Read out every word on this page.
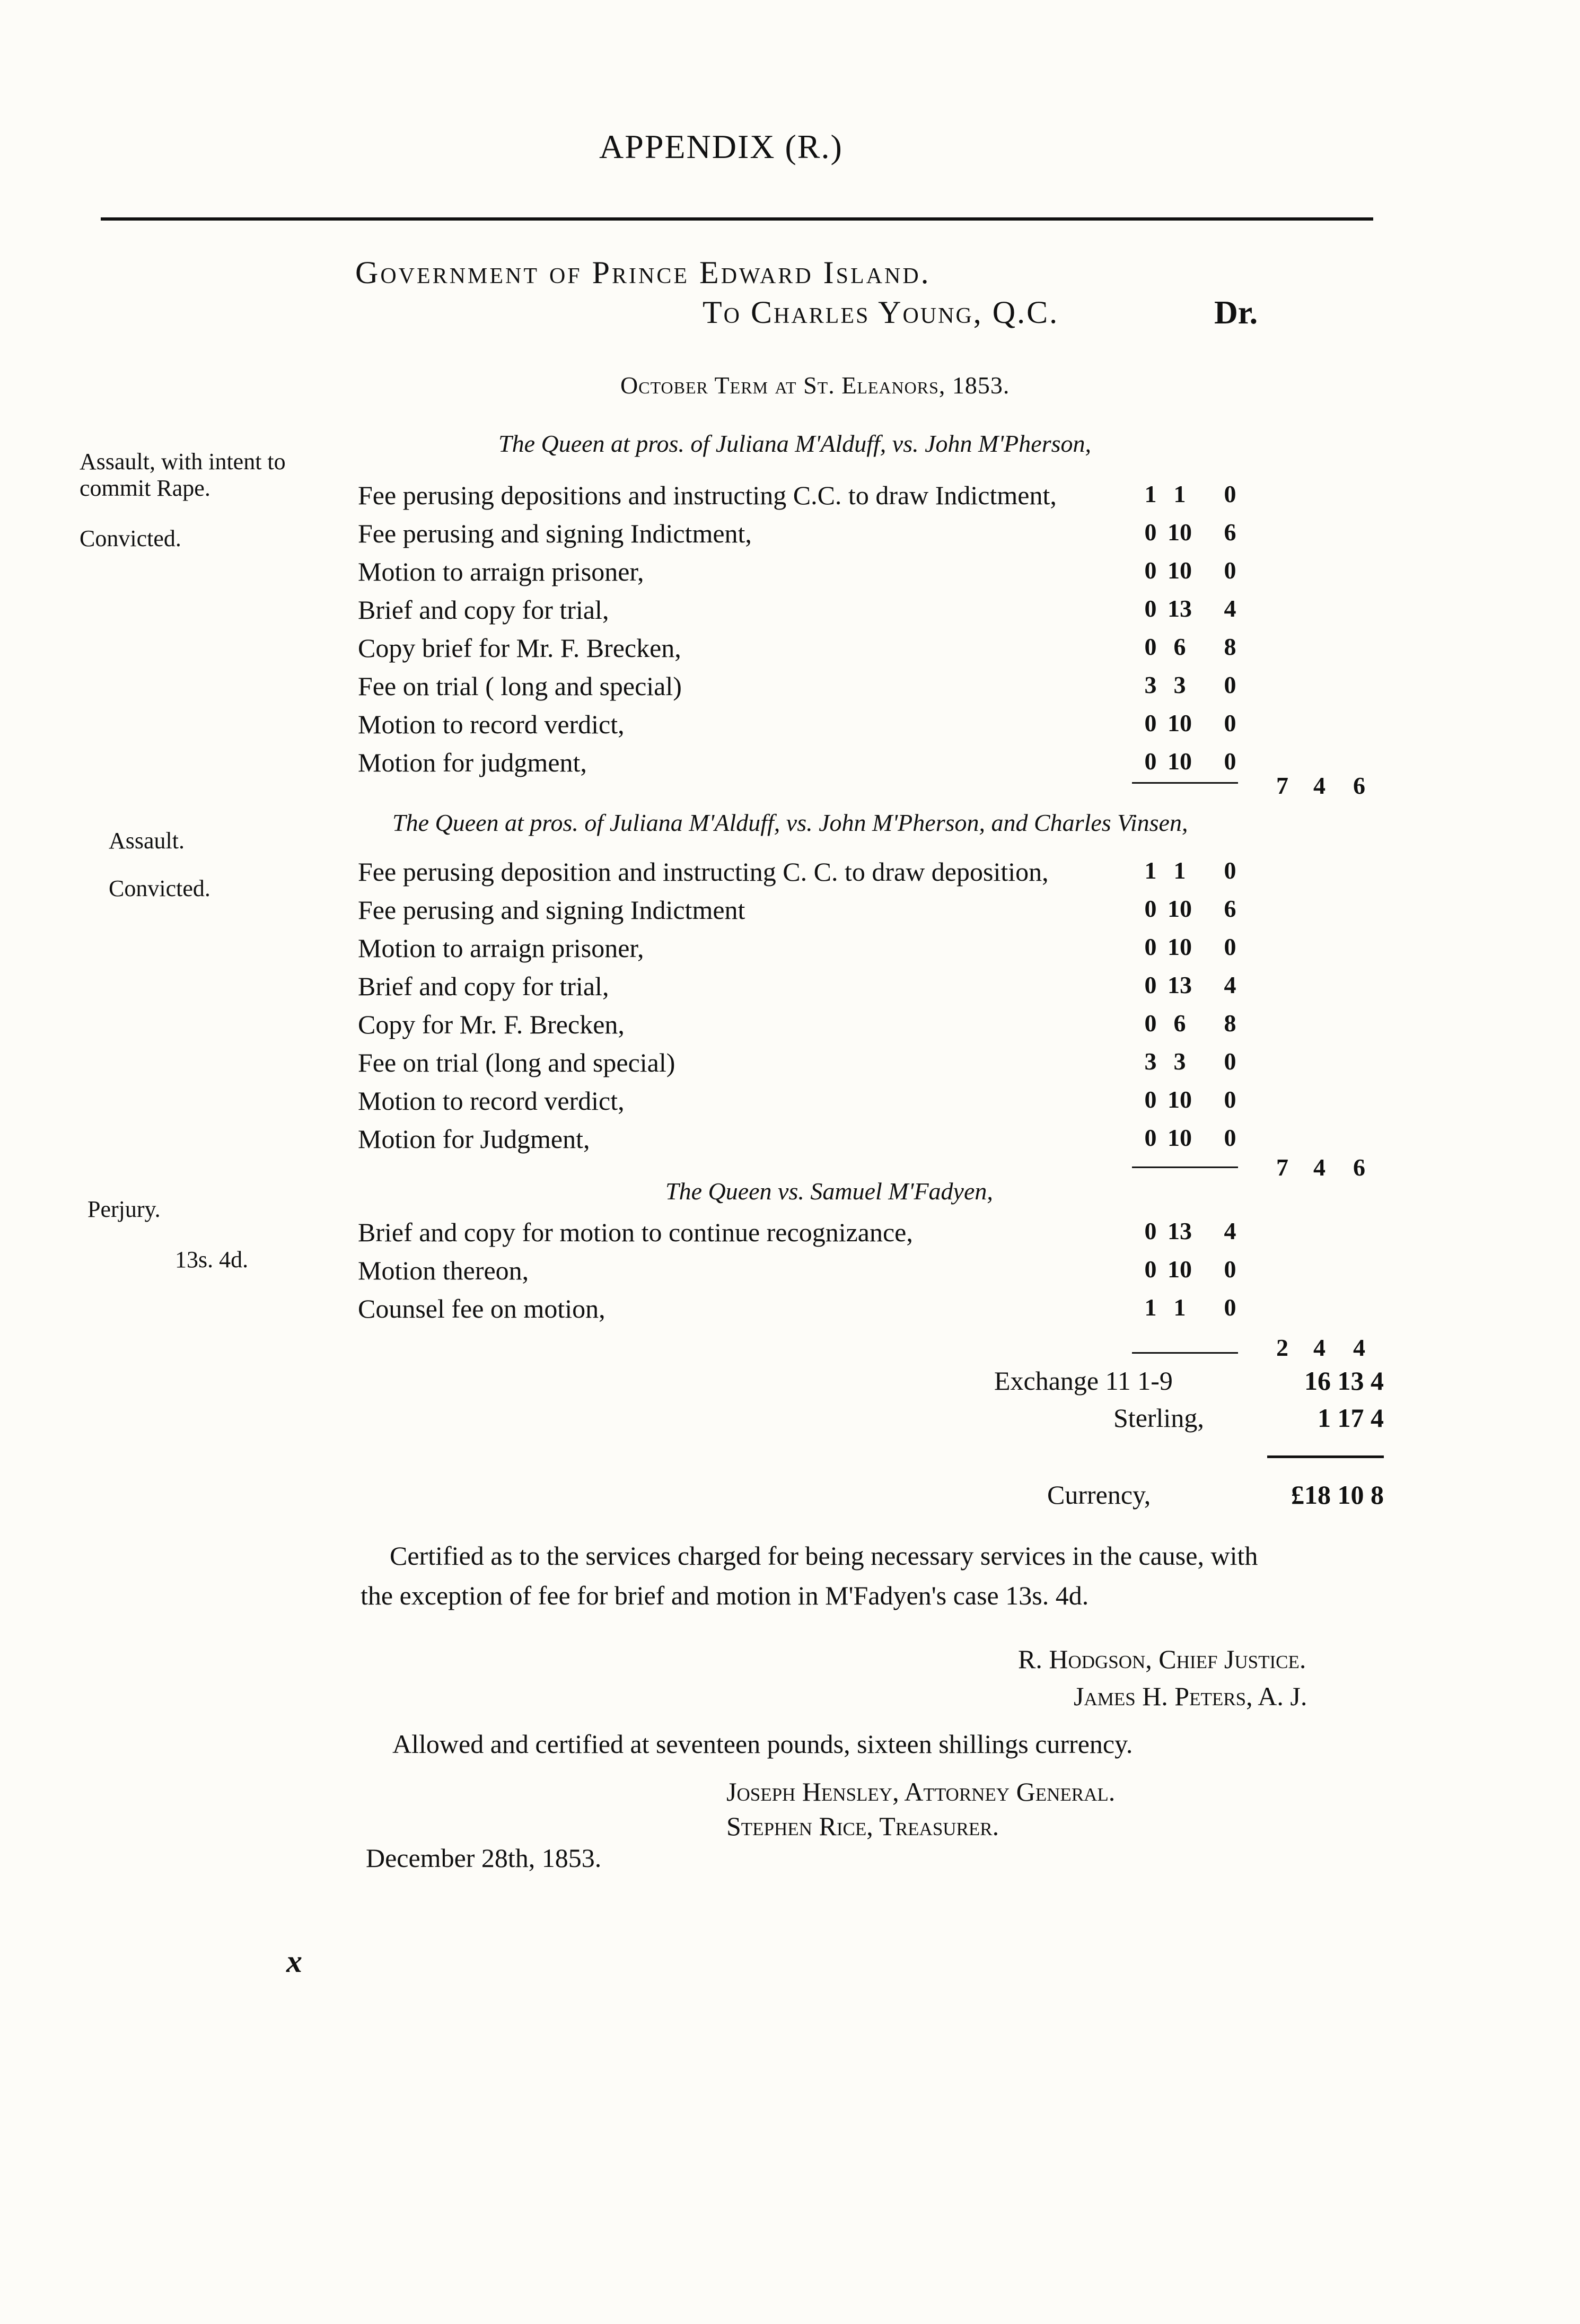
APPENDIX (R.)
Government of Prince Edward Island.
To Charles Young, Q.C.	Dr.
October Term at St. Eleanors, 1853.
Assault, with intent to
commit Rape.
Convicted.
The Queen at pros. of Juliana M'Alduff, vs. John M'Pherson,
Fee perusing depositions and instructing C.C. to draw Indictment,	1 1	0
Fee perusing and signing Indictment,	0 10	6
Motion to arraign prisoner,	0 10	0
Brief and copy for trial,	0 13	4
Copy brief for Mr. F. Brecken,	0 6	8
Fee on trial ( long and special)	3 3	0
Motion to record verdict,	0 10	0
Motion for judgment,	0 10	0
7 4 6
Assault.
Convicted.
The Queen at pros. of Juliana M'Alduff, vs. John M'Pherson, and Charles Vinsen,
Fee perusing deposition and instructing C. C. to draw deposition,	1 1	0
Fee perusing and signing Indictment	0 10	6
Motion to arraign prisoner,	0 10	0
Brief and copy for trial,	0 13	4
Copy for Mr. F. Brecken,	0 6	8
Fee on trial (long and special)	3 3	0
Motion to record verdict,	0 10	0
Motion for Judgment,	0 10	0
7 4 6
Perjury.
13s. 4d.
The Queen vs. Samuel M'Fadyen,
Brief and copy for motion to continue recognizance,	0 13	4
Motion thereon,	0 10	0
Counsel fee on motion,	1 1	0
2 4 4
Exchange 11 1-9	16 13 4
Sterling,	1 17 4
Currency,	£18 10 8
Certified as to the services charged for being necessary services in the cause, with
the exception of fee for brief and motion in M'Fadyen's case 13s. 4d.
R. Hodgson, Chief Justice.
James H. Peters, A. J.
Allowed and certified at seventeen pounds, sixteen shillings currency.
Joseph Hensley, Attorney General.
Stephen Rice, Treasurer.
December 28th, 1853.
x
